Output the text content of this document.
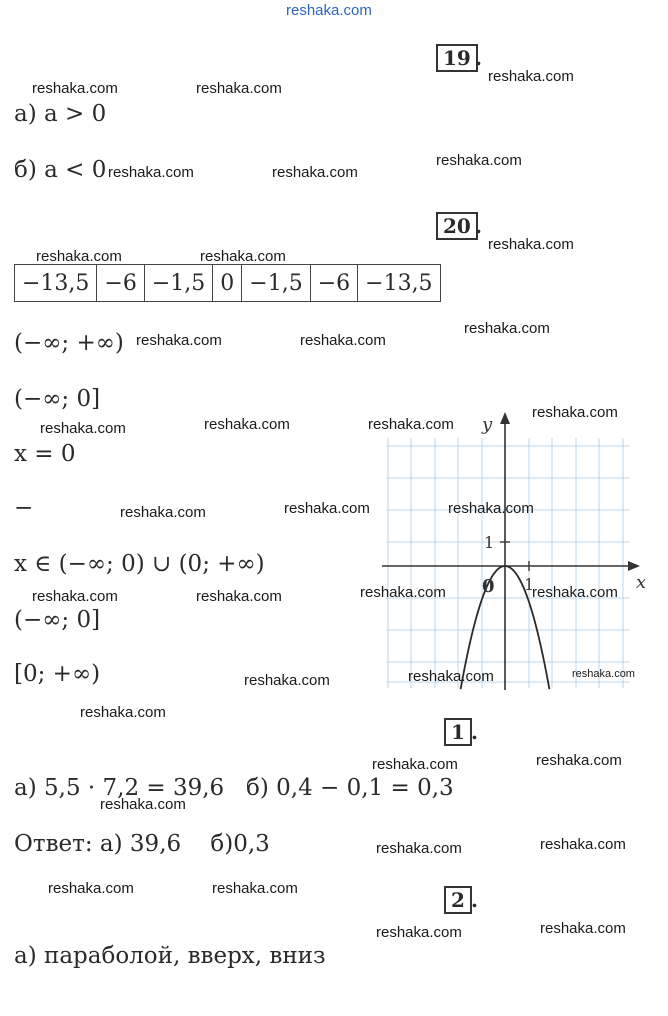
reshaka.com
19 .
а) a > 0
б) a < 0
20 .
−13,5	−6	−1,5	0	−1,5	−6	−13,5
(−∞; +∞)
(−∞; 0]
x = 0
−
x ∈ (−∞; 0) ∪ (0; +∞)
(−∞; 0]
[0; +∞)
y
x
1
1
0
1 .
а) 5,5 · 7,2 = 39,6 б) 0,4 − 0,1 = 0,3
Ответ: а) 39,6    б)0,3
2 .
а) параболой, вверх, вниз
reshaka.com
reshaka.com	reshaka.com
reshaka.com
reshaka.com	reshaka.com
reshaka.com
reshaka.com	reshaka.com
reshaka.com
reshaka.com	reshaka.com
reshaka.com
reshaka.com	reshaka.com
reshaka.com
reshaka.com	reshaka.com
reshaka.com
reshaka.com	reshaka.com
reshaka.com	reshaka.com
reshaka.com	reshaka.com
reshaka.com
reshaka.com
reshaka.com
reshaka.com
reshaka.com
reshaka.com
reshaka.com
reshaka.com	reshaka.com
reshaka.com
reshaka.com
